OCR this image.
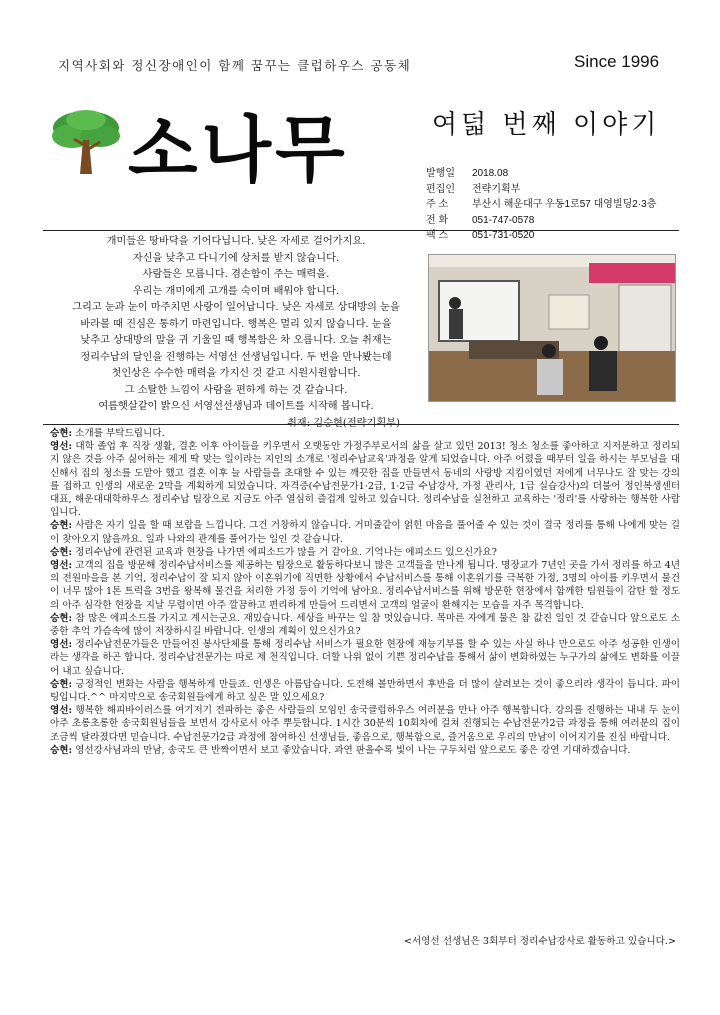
지역사회와 정신장애인이 함께 꿈꾸는 클럽하우스 공동체	Since 1996
소나무	여덟 번째 이야기
발행일 2018.08
편집인 전략기획부
주 소 부산시 해운대구 우동1로57 대영빌딩2·3층
전 화 051-747-0578
팩 스 051-731-0520
개미들은 땅바닥을 기어다닙니다. 낮은 자세로 걸어가지요.
자신을 낮추고 다니기에 상처를 받지 않습니다.
사람들은 모릅니다. 겸손함이 주는 매력을.
우리는 개미에게 고개를 숙이며 배워야 합니다.
그리고 눈과 눈이 마주치면 사랑이 일어납니다. 낮은 자세로 상대방의 눈을
바라볼 때 진심은 통하기 마련입니다. 행복은 멀리 있지 않습니다. 눈을
낮추고 상대방의 말을 귀 기울일 때 행복함은 차 오릅니다. 오늘 취재는
정리수납의 달인을 진행하는 서영선 선생님입니다. 두 번을 만나봤는데
첫인상은 수수한 매력을 가지신 것 같고 시원시원합니다.
그 소탈한 느낌이 사람을 편하게 하는 것 같습니다.
여름햇살같이 밝으신 서영선선생님과 데이트를 시작해 봅니다.
취재: 김승현(전략기획부)

승현: 소개를 부탁드립니다.

영선: 대학 졸업 후 직장 생활, 결혼 이후 아이들을 키우면서 오랫동안 가정주부로서의 삶을 살고 있던 2013! 청소 청소를 좋아하고 지저분하고 정리되지 않은 것을 아주 싫어하는 제게 딱 맞는 일이라는 지인의 소개로 '정리수납교육'과정을 알게 되었습니다. 아주 어렸을 때부터 일을 하시는 부모님을 대신해서 집의 청소를 도맡아 했고 결혼 이후 늘 사람들을 초대할 수 있는 깨끗한 집을 만들면서 동네의 사랑방 지킴이였던 저에게 너무나도 잘 맞는 강의를 접하고 인생의 새로운 2막을 계획하게 되었습니다. 자격증(수납전문가1·2급, 1·2급 수납강사, 가정 관리사, 1급 실습강사)의 더불어 정인복생센터 대표, 해운대대학하우스 정리수납 팀장으로 지금도 아주 열심히 즐겁게 일하고 있습니다. 정리수납을 실천하고 교육하는 '정리'를 사랑하는 행복한 사람입니다.

승현: 사람은 자기 일을 할 때 보람을 느낍니다. 그건 거창하지 않습니다. 거미줄같이 얽힌 마음을 풀어줄 수 있는 것이 결국 정리를 통해 나에게 맞는 길이 찾아오지 않을까요. 일과 나와의 관계를 풀어가는 일인 것 같습니다.

승현: 정리수납에 관련된 교육과 현장을 나가면 에피소드가 많을 거 같아요. 기억나는 에피소드 있으신가요?

영선: 고객의 집을 방문해 정리수납서비스를 제공하는 팀장으로 활동하다보니 많은 고객들을 만나게 됩니다. 명장교가 7년인 곳을 가서 정리를 하고 4년의 전원마을을 본 기억, 정리수납이 잘 되지 않아 이혼위기에 직면한 상황에서 수납서비스를 통해 이혼위기를 극복한 가정, 3명의 아이를 키우면서 물건이 너무 많아 1톤 트럭을 3번을 왕복해 물건을 처리한 가정 등이 기억에 남아요. 정리수납서비스를 위해 방문한 현장에서 함께한 팀원들이 감탄 할 정도의 아주 심각한 현장을 지날 무렵이면 아주 깔끔하고 편리하게 만들어 드리면서 고객의 얼굴이 환해지는 모습을 자주 목격합니다.

승현: 참 많은 에피소드를 가지고 계시는군요. 재밌습니다. 세상을 바꾸는 일 참 멋있습니다. 목마른 자에게 물은 참 값진 일인 것 같습니다 앞으로도 소중한 추억 가슴속에 많이 저장하시길 바랍니다. 인생의 계획이 있으신가요?

영선: 정리수납전문가들은 만들어진 봉사단체를 통해 정리수납 서비스가 필요한 현장에 재능기부를 할 수 있는 사실 하나 만으로도 아주 성공한 인생이라는 생각을 하곤 합니다. 정리수납전문가는 따로 제 천직입니다. 더할 나위 없이 기쁜 정리수납을 통해서 삶이 변화하였는 누구가의 삶에도 변화를 이끌어 내고 싶습니다.

승현: 긍정적인 변화는 사람을 행복하게 만들죠. 인생은 아름답습니다. 도전해 볼만하면서 후반을 더 많이 살려보는 것이 좋으리라 생각이 듭니다. 파이팅입니다.^^ 마지막으로 송국회원들에게 하고 싶은 말 있으세요?

영선: 행복한 해피바이러스를 여기저기 전파하는 좋은 사람들의 모임인 송국클럽하우스 여러분을 만나 아주 행복합니다. 강의를 진행하는 내내 두 눈이 아주 초롱초롱한 송국회원님들을 보면서 강사로서 아주 뿌듯합니다. 1시간 30분씩 10회차에 걸쳐 진행되는 수납전문가2급 과정을 통해 여러분의 집이 조금씩 달라졌다면 믿습니다. 수납전문가2급 과정에 참여하신 선생님들, 좋음으로, 행복함으로, 즐거움으로 우리의 만남이 이어지기를 진심 바랍니다.

승현: 영선강사님과의 만남, 송국도 큰 반짝이면서 보고 좋았습니다. 과연 판올수록 빛이 나는 구두처럼 앞으로도 좋은 강연 기대하겠습니다.

<서영선 선생님은 3회부터 정리수납강사로 활동하고 있습니다.>
